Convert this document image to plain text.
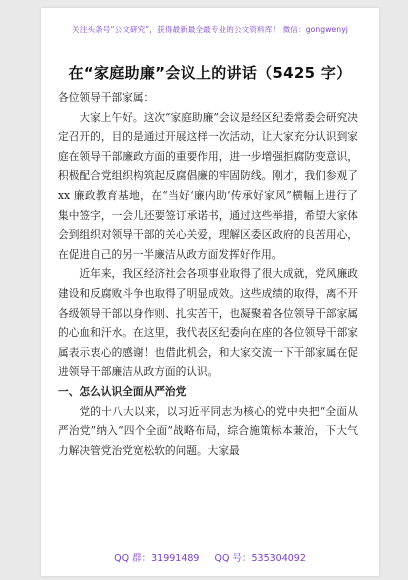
关注头条号“公文研究”，获得最新最全最专业的公文资料库！ 微信：gongwenyj
在“家庭助廉”会议上的讲话（5425 字）

各位领导干部家属：

大家上午好。这次“家庭助廉”会议是经区纪委常委会研究决定召开的，目的是通过开展这样一次活动，让大家充分认识到家庭在领导干部廉政方面的重要作用，进一步增强拒腐防变意识，积极配合党组织构筑起反腐倡廉的牢固防线。刚才，我们参观了 xx 廉政教育基地，在“当好‘廉内助’传承好家风”横幅上进行了集中签字，一会儿还要签订承诺书，通过这些举措，希望大家体会到组织对领导干部的关心关爱，理解区委区政府的良苦用心，在促进自己的另一半廉洁从政方面发挥好作用。

近年来，我区经济社会各项事业取得了很大成就，党风廉政建设和反腐败斗争也取得了明显成效。这些成绩的取得，离不开各级领导干部以身作则、扎实苦干，也凝聚着各位领导干部家属的心血和汗水。在这里，我代表区纪委向在座的各位领导干部家属表示衷心的感谢！也借此机会，和大家交流一下干部家属在促进领导干部廉洁从政方面的认识。

一、怎么认识全面从严治党

党的十八大以来，以习近平同志为核心的党中央把“全面从严治党”纳入“四个全面”战略布局，综合施策标本兼治，下大气力解决管党治党宽松软的问题。大家最

QQ 群：31991489 QQ 号：535304092
